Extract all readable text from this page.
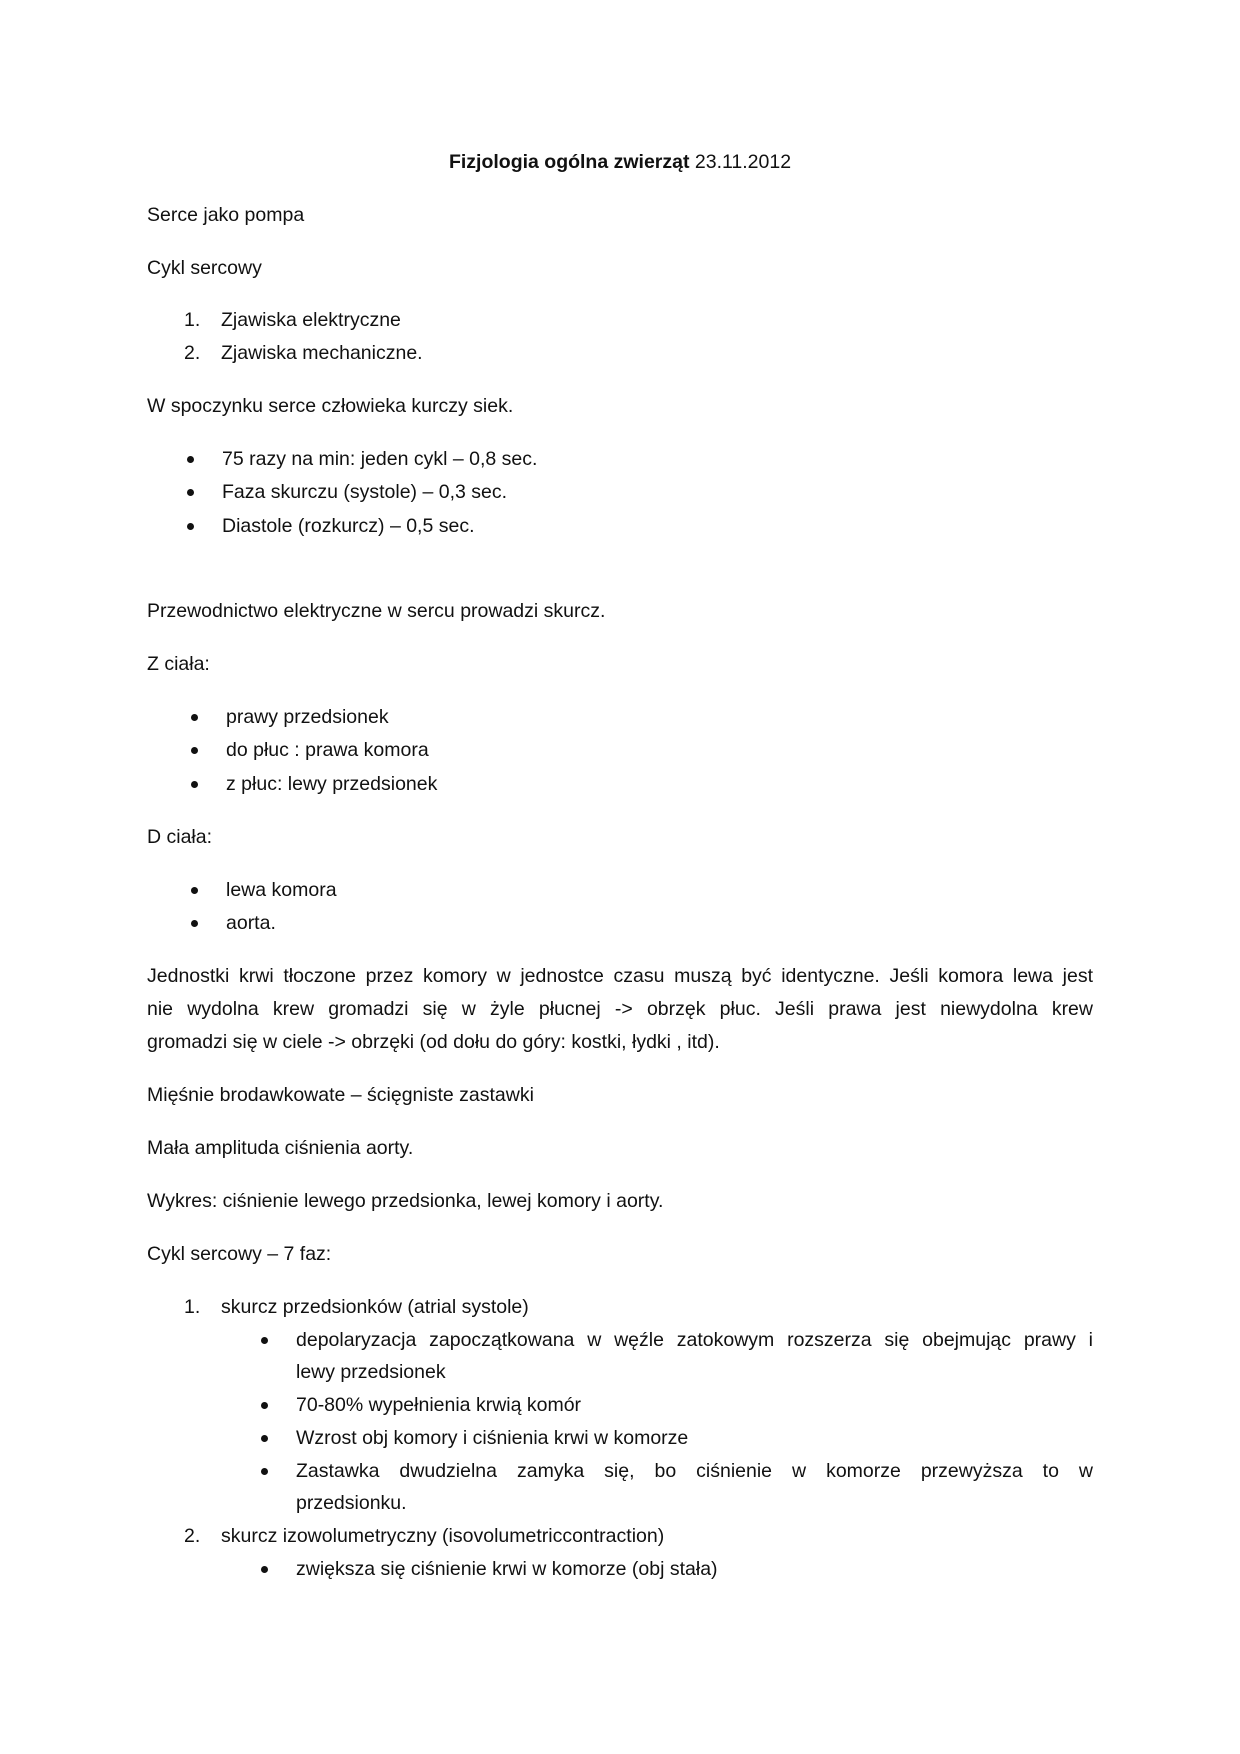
Fizjologia ogólna zwierząt 23.11.2012
Serce jako pompa
Cykl sercowy
1. Zjawiska elektryczne
2. Zjawiska mechaniczne.
W spoczynku serce człowieka kurczy siek.
75 razy na min: jeden cykl – 0,8 sec.
Faza skurczu (systole) – 0,3 sec.
Diastole (rozkurcz) – 0,5 sec.
Przewodnictwo elektryczne w sercu prowadzi skurcz.
Z ciała:
prawy przedsionek
do płuc : prawa komora
z płuc: lewy przedsionek
D ciała:
lewa komora
aorta.
Jednostki krwi tłoczone przez komory w jednostce czasu muszą być identyczne. Jeśli komora lewa jest
nie wydolna krew gromadzi się w żyle płucnej -> obrzęk płuc. Jeśli prawa jest niewydolna krew
gromadzi się w ciele -> obrzęki (od dołu do góry: kostki, łydki , itd).
Mięśnie brodawkowate – ścięgniste zastawki
Mała amplituda ciśnienia aorty.
Wykres: ciśnienie lewego przedsionka, lewej komory i aorty.
Cykl sercowy – 7 faz:
1. skurcz przedsionków (atrial systole)
depolaryzacja zapoczątkowana w węźle zatokowym rozszerza się obejmując prawy i
lewy przedsionek
70-80% wypełnienia krwią komór
Wzrost obj komory i ciśnienia krwi w komorze
Zastawka dwudzielna zamyka się, bo ciśnienie w komorze przewyższa to w
przedsionku.
2. skurcz izowolumetryczny (isovolumetriccontraction)
zwiększa się ciśnienie krwi w komorze (obj stała)
